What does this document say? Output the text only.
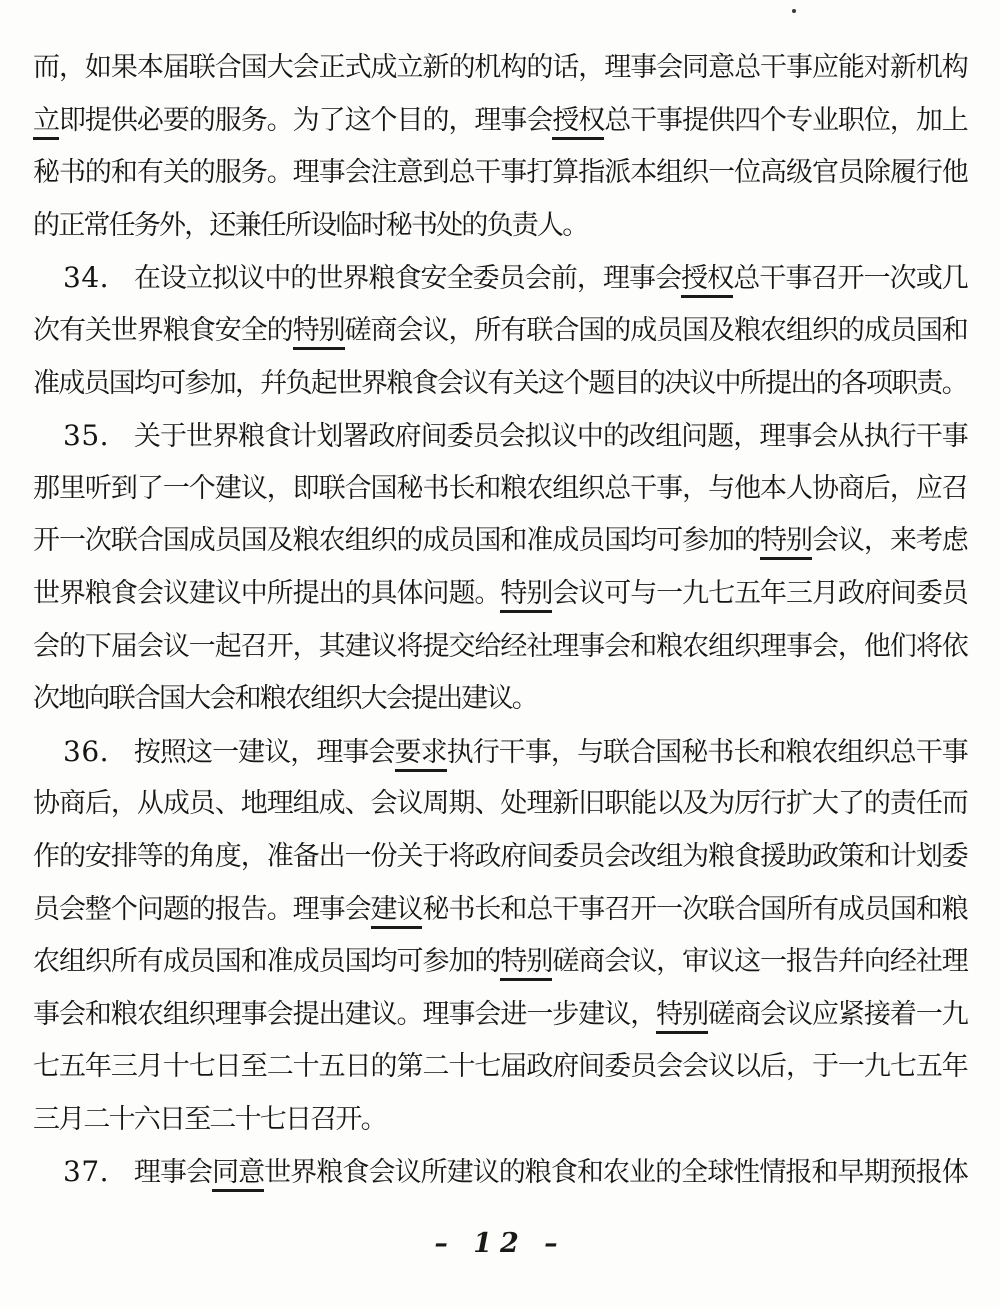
而，如果本届联合国大会正式成立新的机构的话，理事会同意总干事应能对新机构
立即提供必要的服务。为了这个目的，理事会授权总干事提供四个专业职位，加上
秘书的和有关的服务。理事会注意到总干事打算指派本组织一位高级官员除履行他
的正常任务外，还兼任所设临时秘书处的负责人。
34. 在设立拟议中的世界粮食安全委员会前，理事会授权总干事召开一次或几
次有关世界粮食安全的特别磋商会议，所有联合国的成员国及粮农组织的成员国和
准成员国均可参加，幷负起世界粮食会议有关这个题目的决议中所提出的各项职责。
35. 关于世界粮食计划署政府间委员会拟议中的改组问题，理事会从执行干事
那里听到了一个建议，即联合国秘书长和粮农组织总干事，与他本人协商后，应召
开一次联合国成员国及粮农组织的成员国和准成员国均可参加的特别会议，来考虑
世界粮食会议建议中所提出的具体问题。特别会议可与一九七五年三月政府间委员
会的下届会议一起召开，其建议将提交给经社理事会和粮农组织理事会，他们将依
次地向联合国大会和粮农组织大会提出建议。
36. 按照这一建议，理事会要求执行干事，与联合国秘书长和粮农组织总干事
协商后，从成员、地理组成、会议周期、处理新旧职能以及为厉行扩大了的责任而
作的安排等的角度，准备出一份关于将政府间委员会改组为粮食援助政策和计划委
员会整个问题的报告。理事会建议秘书长和总干事召开一次联合国所有成员国和粮
农组织所有成员国和准成员国均可参加的特别磋商会议，审议这一报告幷向经社理
事会和粮农组织理事会提出建议。理事会进一步建议，特别磋商会议应紧接着一九
七五年三月十七日至二十五日的第二十七届政府间委员会会议以后，于一九七五年
三月二十六日至二十七日召开。
37. 理事会同意世界粮食会议所建议的粮食和农业的全球性情报和早期预报体
– 12 –
